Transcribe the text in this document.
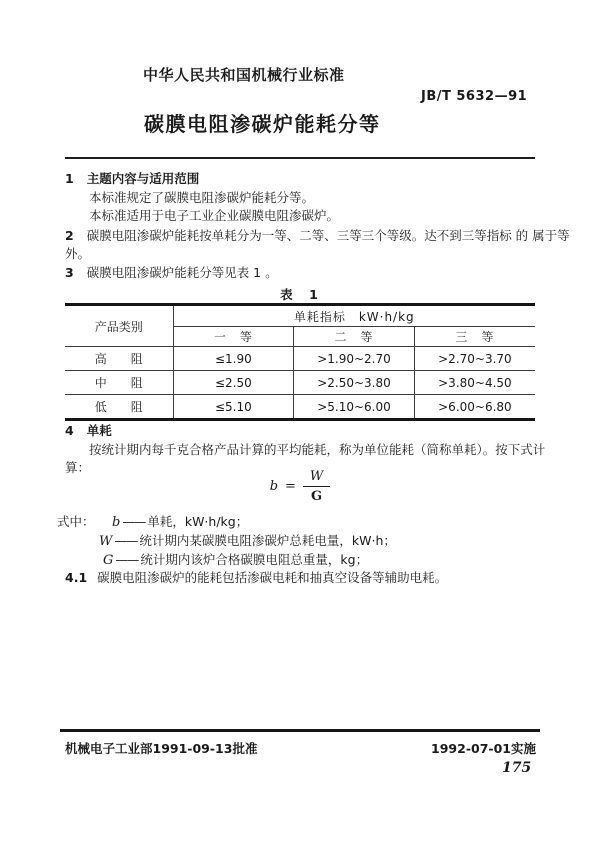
中华人民共和国机械行业标准
JB/T 5632—91
碳膜电阻渗碳炉能耗分等
1 主题内容与适用范围
本标准规定了碳膜电阻渗碳炉能耗分等。
本标准适用于电子工业企业碳膜电阻渗碳炉。
2 碳膜电阻渗碳炉能耗按单耗分为一等、二等、三等三个等级。达不到三等指标 的 属于等
外。
3 碳膜电阻渗碳炉能耗分等见表 1 。
表　1
产品类别	单耗指标　kW·h/kg		
	一　等	二　等	三　等
高　　阻	≤1.90	>1.90~2.70	>2.70~3.70
中　　阻	≤2.50	>2.50~3.80	>3.80~4.50
低　　阻	≤5.10	>5.10~6.00	>6.00~6.80
4 单耗
按统计期内每千克合格产品计算的平均能耗，称为单位能耗（简称单耗）。按下式计
算：
$b = \frac{W}{G}$
式中： b —— 单耗，kW·h/kg；
W —— 统计期内某碳膜电阻渗碳炉总耗电量，kW·h；
G —— 统计期内该炉合格碳膜电阻总重量，kg；
4.1 碳膜电阻渗碳炉的能耗包括渗碳电耗和抽真空设备等辅助电耗。
机械电子工业部1991-09-13批准	1992-07-01实施
175
